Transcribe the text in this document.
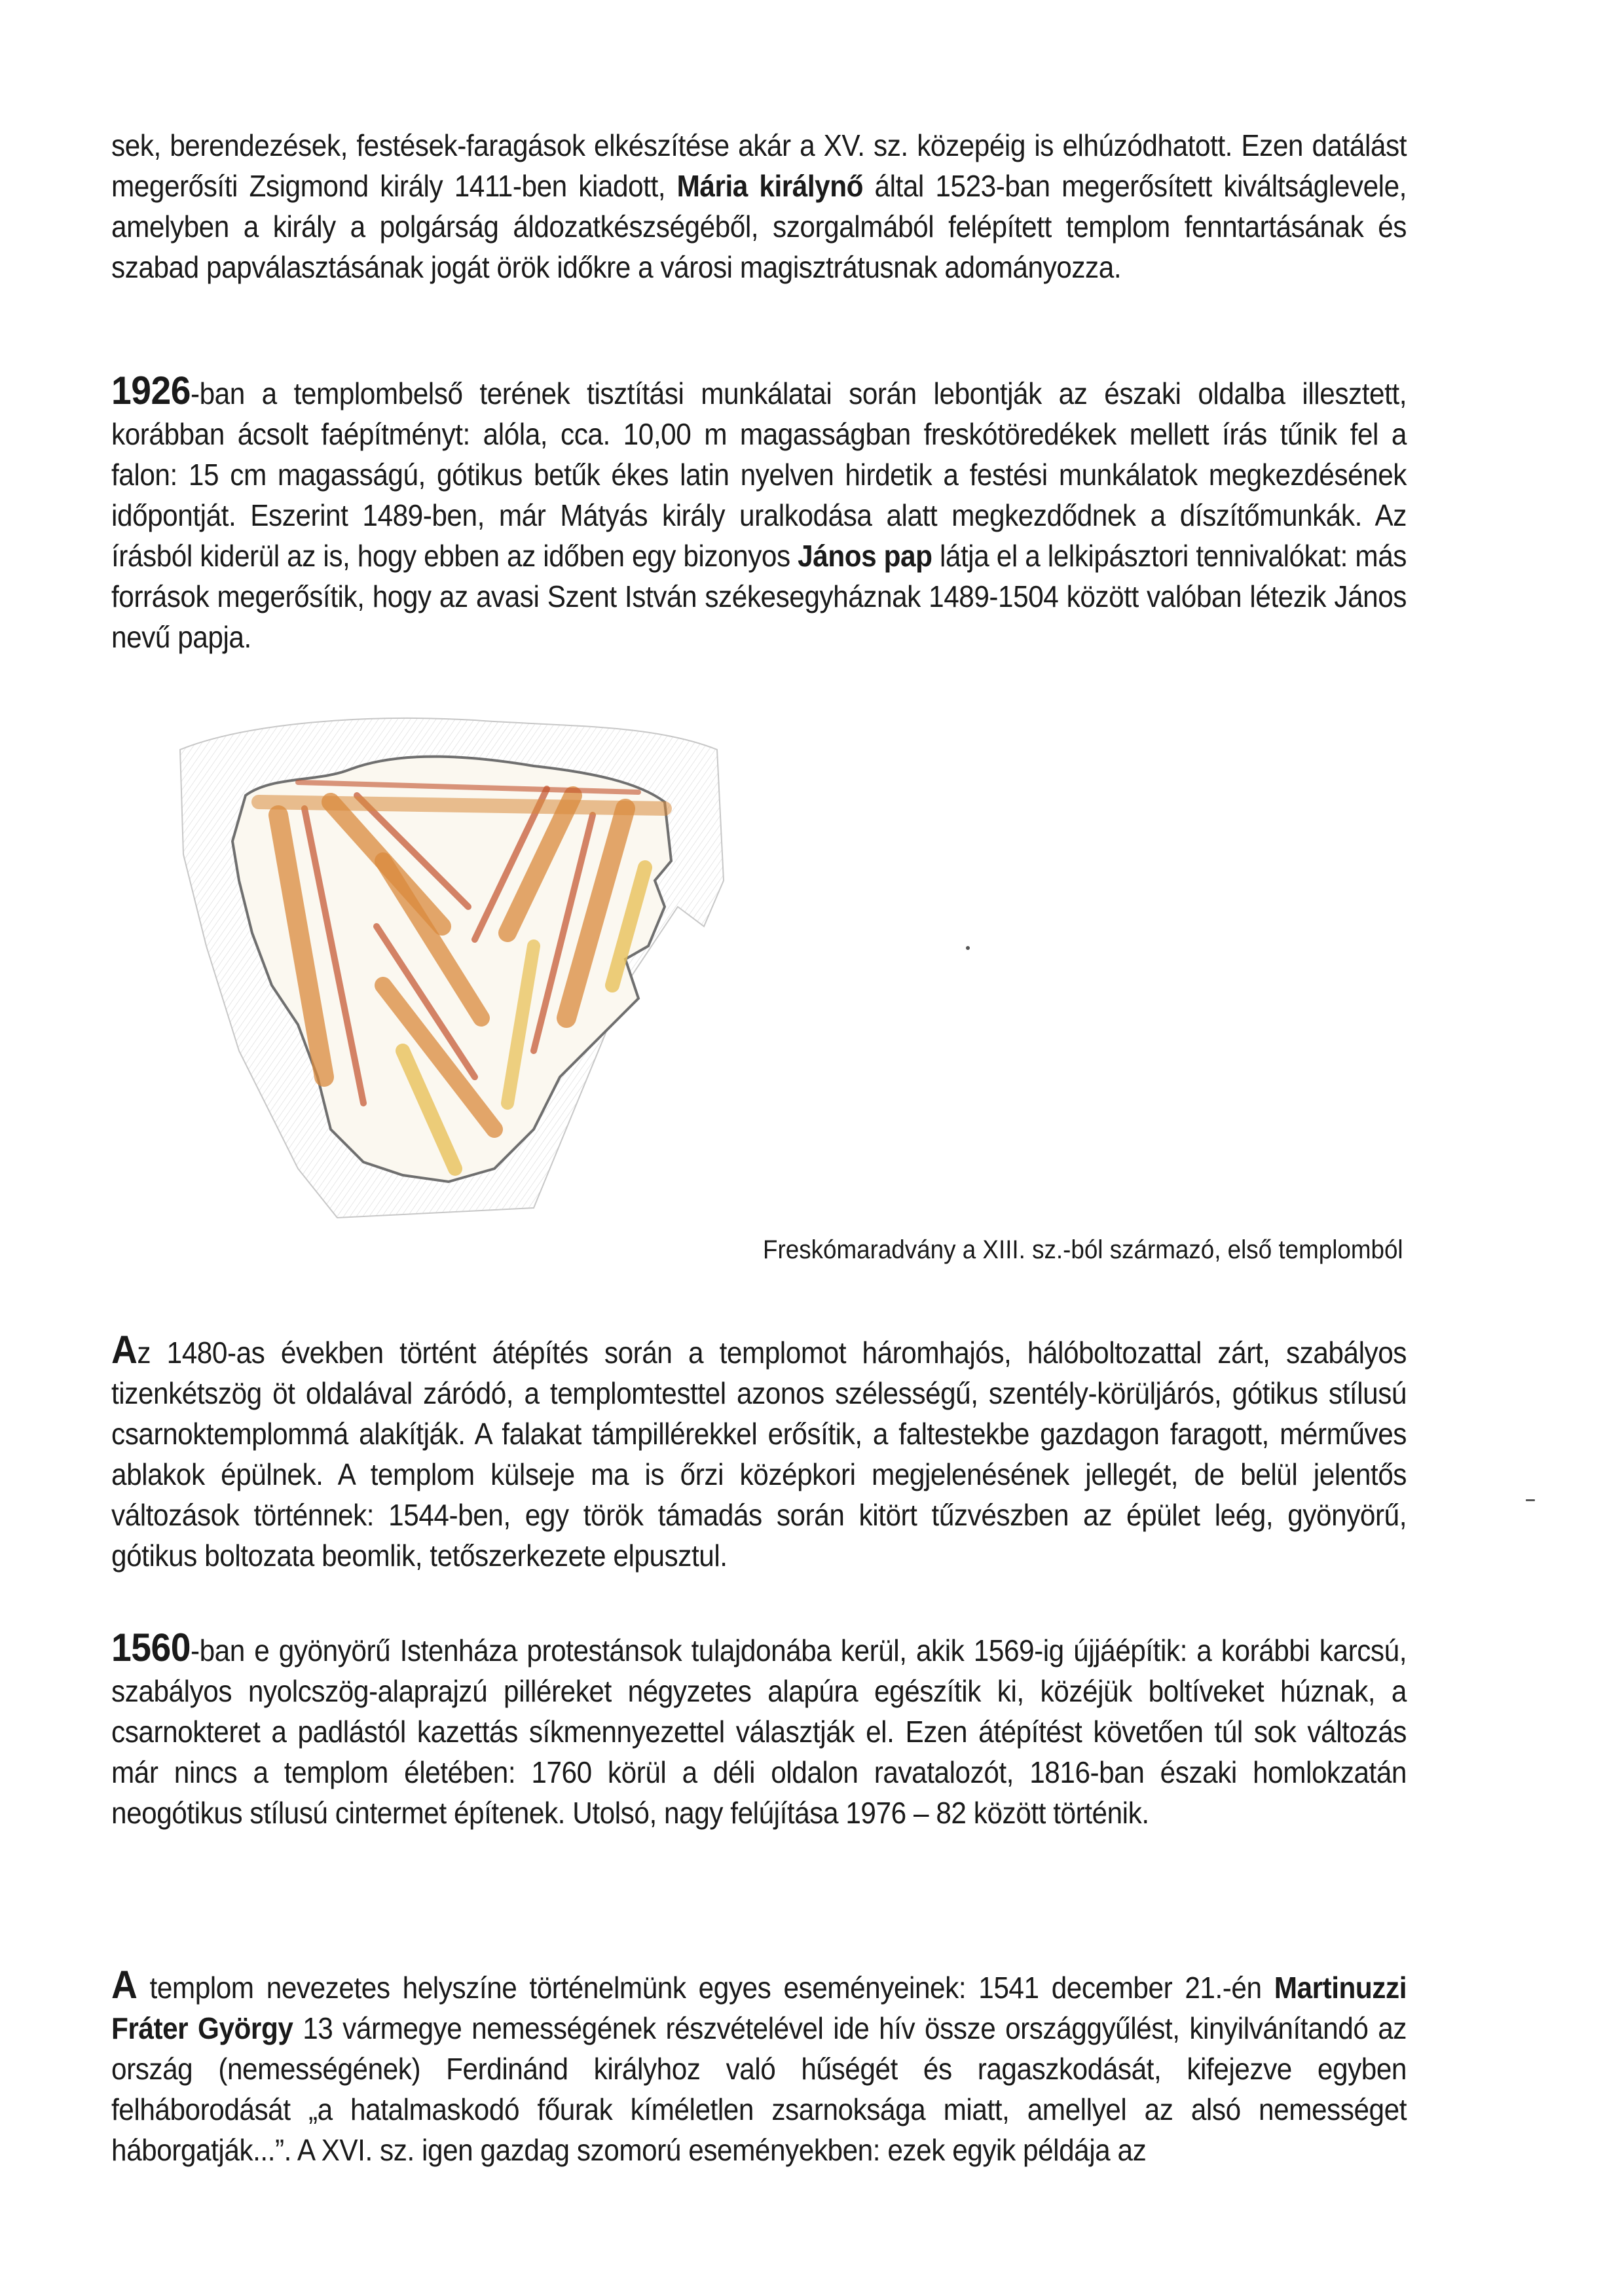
sek, berendezések, festések-faragások elkészítése akár a XV. sz. közepéig is elhúzódhatott. Ezen datálást megerősíti Zsigmond király 1411-ben kiadott, Mária királynő által 1523-ban megerősített kiváltságlevele, amelyben a király a polgárság áldozatkészségéből, szorgalmából felépített templom fenntartásának és szabad papválasztásának jogát örök időkre a városi magisztrátusnak adományozza.

1926-ban a templombelső terének tisztítási munkálatai során lebontják az északi oldalba illesztett, korábban ácsolt faépítményt: alóla, cca. 10,00 m magasságban freskótöredékek mellett írás tűnik fel a falon: 15 cm magasságú, gótikus betűk ékes latin nyelven hirdetik a festési munkálatok megkezdésének időpontját. Eszerint 1489-ben, már Mátyás király uralkodása alatt megkezdődnek a díszítőmunkák. Az írásból kiderül az is, hogy ebben az időben egy bizonyos János pap látja el a lelkipásztori tennivalókat: más források megerősítik, hogy az avasi Szent István székesegyháznak 1489-1504 között valóban létezik János nevű papja.

Freskómaradvány a XIII. sz.-ból származó, első templomból

Az 1480-as években történt átépítés során a templomot háromhajós, hálóboltozattal zárt, szabályos tizenkétszög öt oldalával záródó, a templomtesttel azonos szélességű, szentély-körüljárós, gótikus stílusú csarnoktemplommá alakítják. A falakat támpillérekkel erősítik, a faltestekbe gazdagon faragott, mérműves ablakok épülnek. A templom külseje ma is őrzi középkori megjelenésének jellegét, de belül jelentős változások történnek: 1544-ben, egy török támadás során kitört tűzvészben az épület leég, gyönyörű, gótikus boltozata beomlik, tetőszerkezete elpusztul.

1560-ban e gyönyörű Istenháza protestánsok tulajdonába kerül, akik 1569-ig újjáépítik: a korábbi karcsú, szabályos nyolcszög-alaprajzú pilléreket négyzetes alapúra egészítik ki, közéjük boltíveket húznak, a csarnokteret a padlástól kazettás síkmennyezettel választják el. Ezen átépítést követően túl sok változás már nincs a templom életében: 1760 körül a déli oldalon ravatalozót, 1816-ban északi homlokzatán neogótikus stílusú cintermet építenek. Utolsó, nagy felújítása 1976 – 82 között történik.

A templom nevezetes helyszíne történelmünk egyes eseményeinek: 1541 december 21.-én Martinuzzi Fráter György 13 vármegye nemességének részvételével ide hív össze országgyűlést, kinyilvánítandó az ország (nemességének) Ferdinánd királyhoz való hűségét és ragaszkodását, kifejezve egyben felháborodását „a hatalmaskodó főurak kíméletlen zsarnoksága miatt, amellyel az alsó nemességet háborgatják...”. A XVI. sz. igen gazdag szomorú eseményekben: ezek egyik példája az
